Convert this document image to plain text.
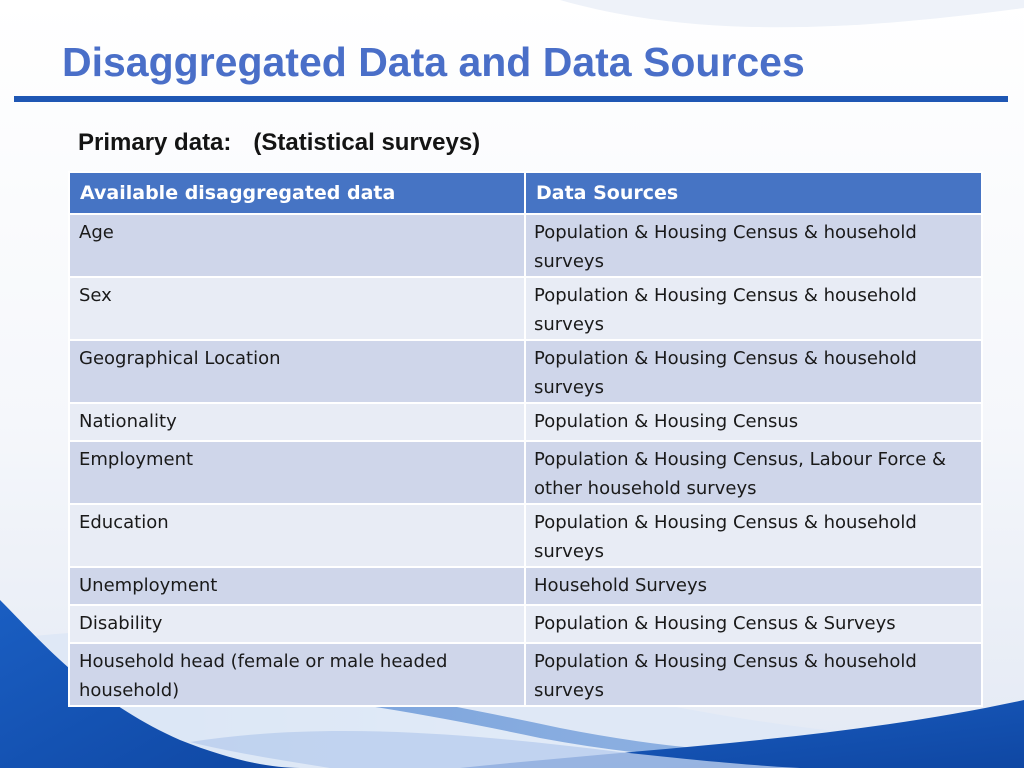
Disaggregated Data and Data Sources
Primary data: (Statistical surveys)
Available disaggregated data	Data Sources

Age	Population & Housing Census & household surveys

Sex	Population & Housing Census & household surveys

Geographical Location	Population & Housing Census & household surveys

Nationality	Population & Housing Census

Employment	Population & Housing Census, Labour Force & other household surveys

Education	Population & Housing Census & household surveys

Unemployment	Household Surveys

Disability	Population & Housing Census & Surveys

Household head (female or male headed household)	Population & Housing Census & household surveys
